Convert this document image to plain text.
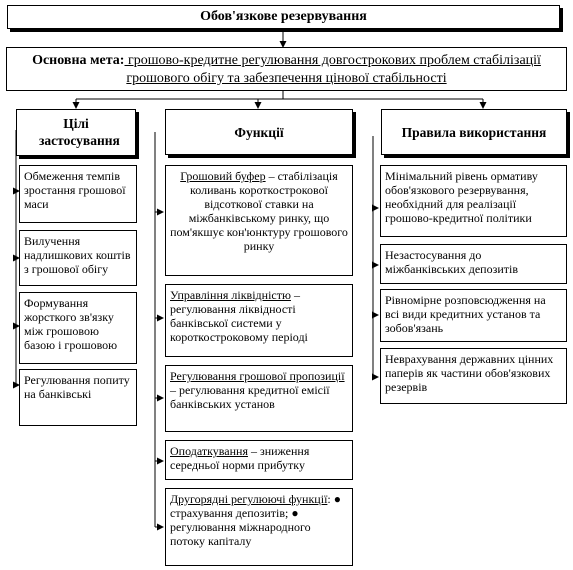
Обов'язкове резервування
Основна мета: грошово-кредитне регулювання довгострокових проблем стабілізації грошового обігу та забезпечення цінової стабільності
Цілі застосування
Функції	Правила використання
Обмеження темпів зростання грошової маси
Вилучення надлишкових коштів з грошової обігу
Формування жорсткого зв'язку між грошовою базою і грошовою
Регулювання попиту на банківські
Грошовий буфер – стабілізація коливань короткострокової відсоткової ставки на міжбанківському ринку, що пом'якшує кон'юнктуру грошового ринку
Управління ліквідністю – регулювання ліквідності банківської системи у короткостроковому періоді
Регулювання грошової пропозиції – регулювання кредитної емісії банківських установ
Оподаткування – зниження середньої норми прибутку
Другорядні регулюючі функції: ● страхування депозитів; ● регулювання міжнародного потоку капіталу
Мінімальний рівень ормативу обов'язкового резервування, необхідний для реалізації грошово-кредитної політики
Незастосування до міжбанківських депозитів
Рівномірне розповсюдження на всі види кредитних установ та зобов'язань
Неврахування державних цінних паперів як частини обов'язкових резервів
